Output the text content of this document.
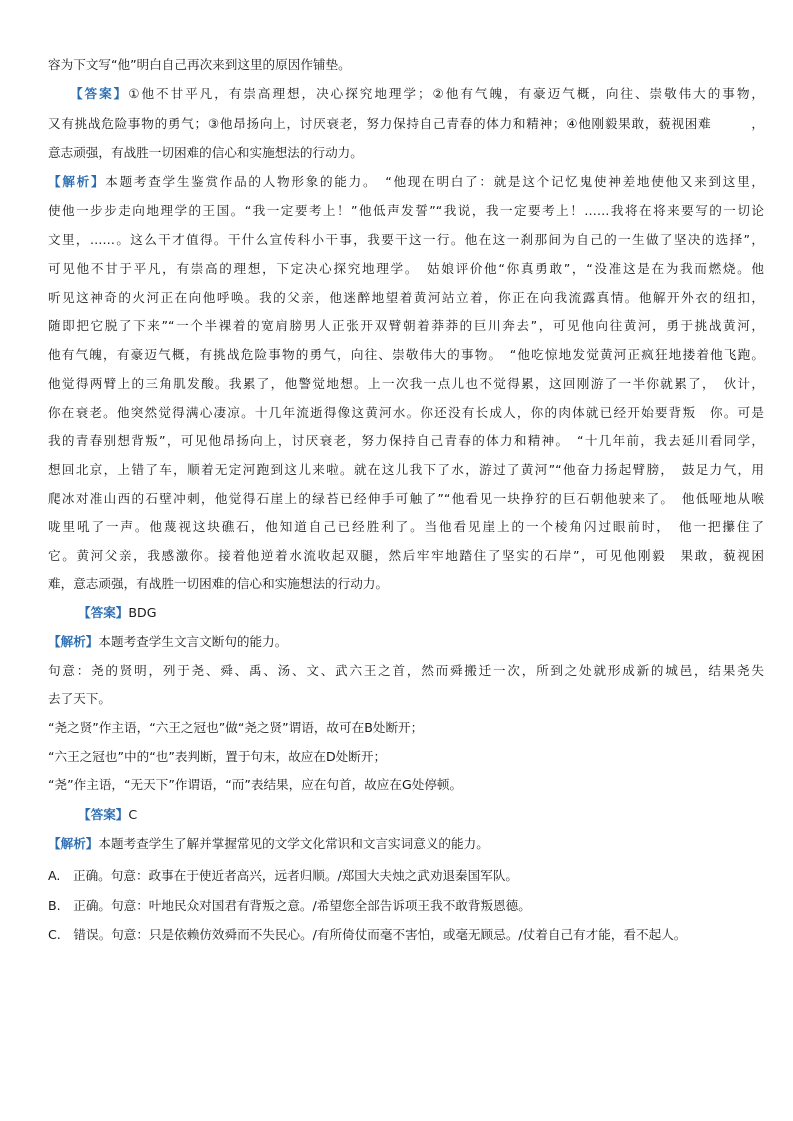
容为下文写“他”明白自己再次来到这里的原因作铺垫。
【答案】①他不甘平凡，有崇高理想，决心探究地理学；②他有气魄，有豪迈气概，向往、崇敬伟大的事物，
又有挑战危险事物的勇气；③他昂扬向上，讨厌衰老，努力保持自己青春的体力和精神；④他刚毅果敢，藐视困难　　　，
意志顽强，有战胜一切困难的信心和实施想法的行动力。
【解析】本题考查学生鉴赏作品的人物形象的能力。　“他现在明白了：就是这个记忆鬼使神差地使他又来到这里，
使他一步步走向地理学的王国。“我一定要考上！”他低声发誓”“我说，我一定要考上！……我将在将来要写的一切论
文里，……。这么干才值得。干什么宣传科小干事，我要干这一行。他在这一刹那间为自己的一生做了坚决的选择”，
可见他不甘于平凡，有崇高的理想，下定决心探究地理学。　姑娘评价他“你真勇敢”，“没准这是在为我而燃烧。他
听见这神奇的火河正在向他呼唤。我的父亲，他迷醉地望着黄河站立着，你正在向我流露真情。他解开外衣的纽扣，
随即把它脱了下来”“一个半裸着的宽肩膀男人正张开双臂朝着莽莽的巨川奔去”，可见他向往黄河，勇于挑战黄河，
他有气魄，有豪迈气概，有挑战危险事物的勇气，向往、崇敬伟大的事物。　“他吃惊地发觉黄河正疯狂地搂着他飞跑。
他觉得两臂上的三角肌发酸。我累了，他警觉地想。上一次我一点儿也不觉得累，这回刚游了一半你就累了，　伙计，
你在衰老。他突然觉得满心凄凉。十几年流逝得像这黄河水。你还没有长成人，你的肉体就已经开始要背叛　你。可是
我的青春别想背叛”，可见他昂扬向上，讨厌衰老，努力保持自己青春的体力和精神。　“十几年前，我去延川看同学，
想回北京，上错了车，顺着无定河跑到这儿来啦。就在这儿我下了水，游过了黄河”“他奋力扬起臂膀，　鼓足力气，用
爬冰对准山西的石壁冲刺，他觉得石崖上的绿苔已经伸手可触了”“他看见一块挣狞的巨石朝他驶来了。　他低哑地从喉
咙里吼了一声。他蔑视这块礁石，他知道自己已经胜利了。当他看见崖上的一个棱角闪过眼前时，　他一把攥住了
它。黄河父亲，我感激你。接着他逆着水流收起双腿，然后牢牢地踏住了坚实的石岸”，可见他刚毅　果敢，藐视困
难，意志顽强，有战胜一切困难的信心和实施想法的行动力。
【答案】BDG
【解析】本题考查学生文言文断句的能力。
句意：尧的贤明，列于尧、舜、禹、汤、文、武六王之首，然而舜搬迁一次，所到之处就形成新的城邑，结果尧失
去了天下。
“尧之贤”作主语，“六王之冠也”做“尧之贤”谓语，故可在B处断开；
“六王之冠也”中的“也”表判断，置于句末，故应在D处断开；
“尧”作主语，“无天下”作谓语，“而”表结果，应在句首，故应在G处停顿。
【答案】C
【解析】本题考查学生了解并掌握常见的文学文化常识和文言实词意义的能力。
A.　正确。句意：政事在于使近者高兴，远者归顺。/郑国大夫烛之武劝退秦国军队。
B.　正确。句意：叶地民众对国君有背叛之意。/希望您全部告诉项王我不敢背叛恩德。
C.　错误。句意：只是依赖仿效舜而不失民心。/有所倚仗而毫不害怕，或毫无顾忌。/仗着自己有才能，看不起人。
